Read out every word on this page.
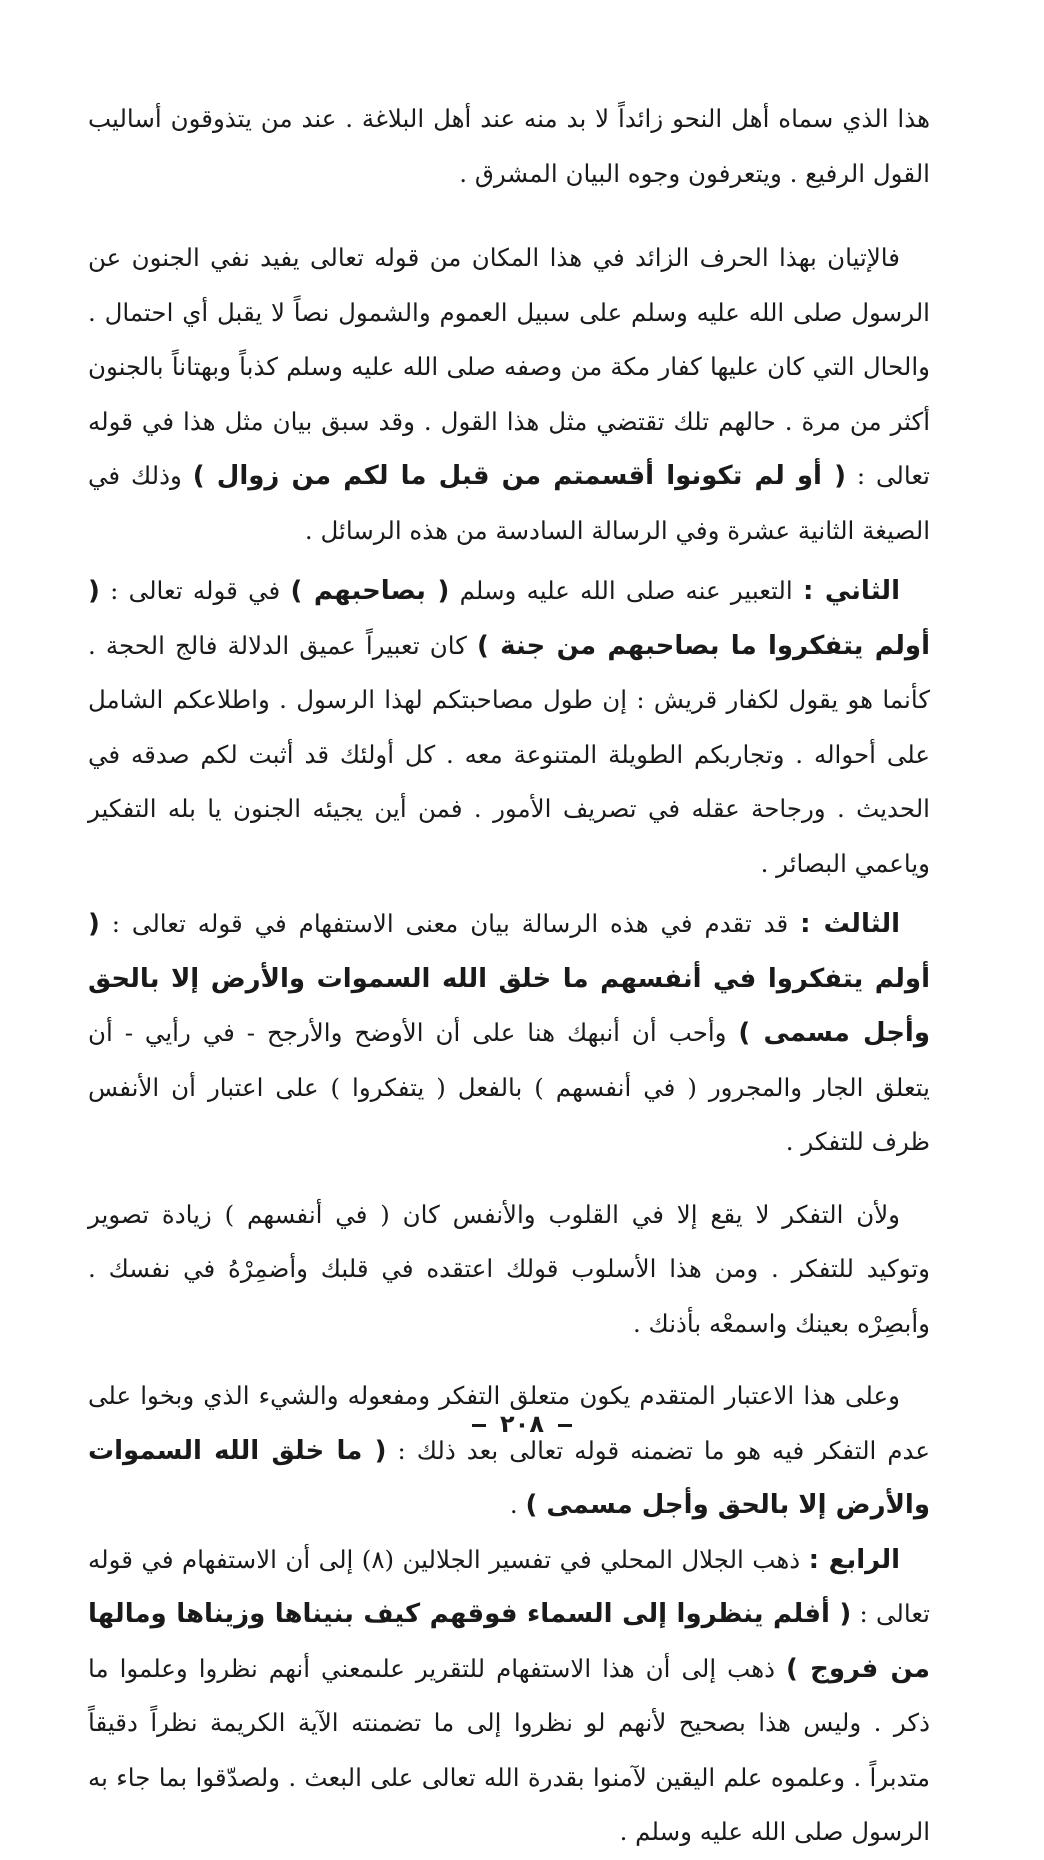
هذا الذي سماه أهل النحو زائداً لا بد منه عند أهل البلاغة . عند من يتذوقون أساليب القول الرفيع . ويتعرفون وجوه البيان المشرق .

فالإتيان بهذا الحرف الزائد في هذا المكان من قوله تعالى يفيد نفي الجنون عن الرسول صلى الله عليه وسلم على سبيل العموم والشمول نصاً لا يقبل أي احتمال . والحال التي كان عليها كفار مكة من وصفه صلى الله عليه وسلم كذباً وبهتاناً بالجنون أكثر من مرة . حالهم تلك تقتضي مثل هذا القول . وقد سبق بيان مثل هذا في قوله تعالى : ( أو لم تكونوا أقسمتم من قبل ما لكم من زوال ) وذلك في الصيغة الثانية عشرة وفي الرسالة السادسة من هذه الرسائل .

الثاني : التعبير عنه صلى الله عليه وسلم ( بصاحبهم ) في قوله تعالى : ( أولم يتفكروا ما بصاحبهم من جنة ) كان تعبيراً عميق الدلالة فالج الحجة . كأنما هو يقول لكفار قريش : إن طول مصاحبتكم لهذا الرسول . واطلاعكم الشامل على أحواله . وتجاربكم الطويلة المتنوعة معه . كل أولئك قد أثبت لكم صدقه في الحديث . ورجاحة عقله في تصريف الأمور . فمن أين يجيئه الجنون يا بله التفكير وياعمي البصائر .

الثالث : قد تقدم في هذه الرسالة بيان معنى الاستفهام في قوله تعالى : ( أولم يتفكروا في أنفسهم ما خلق الله السموات والأرض إلا بالحق وأجل مسمى ) وأحب أن أنبهك هنا على أن الأوضح والأرجح - في رأيي - أن يتعلق الجار والمجرور ( في أنفسهم ) بالفعل ( يتفكروا ) على اعتبار أن الأنفس ظرف للتفكر .

ولأن التفكر لا يقع إلا في القلوب والأنفس كان ( في أنفسهم ) زيادة تصوير وتوكيد للتفكر . ومن هذا الأسلوب قولك اعتقده في قلبك وأضمِرْهُ في نفسك . وأبصِرْه بعينك واسمعْه بأذنك .

وعلى هذا الاعتبار المتقدم يكون متعلق التفكر ومفعوله والشيء الذي وبخوا على عدم التفكر فيه هو ما تضمنه قوله تعالى بعد ذلك : ( ما خلق الله السموات والأرض إلا بالحق وأجل مسمى ) .

الرابع : ذهب الجلال المحلي في تفسير الجلالين (٨) إلى أن الاستفهام في قوله تعالى : ( أفلم ينظروا إلى السماء فوقهم كيف بنيناها وزيناها ومالها من فروج ) ذهب إلى أن هذا الاستفهام للتقرير علىمعني أنهم نظروا وعلموا ما ذكر . وليس هذا بصحيح لأنهم لو نظروا إلى ما تضمنته الآية الكريمة نظراً دقيقاً متدبراً . وعلموه علم اليقين لآمنوا بقدرة الله تعالى على البعث . ولصدّقوا بما جاء به الرسول صلى الله عليه وسلم .

٢٠٨
